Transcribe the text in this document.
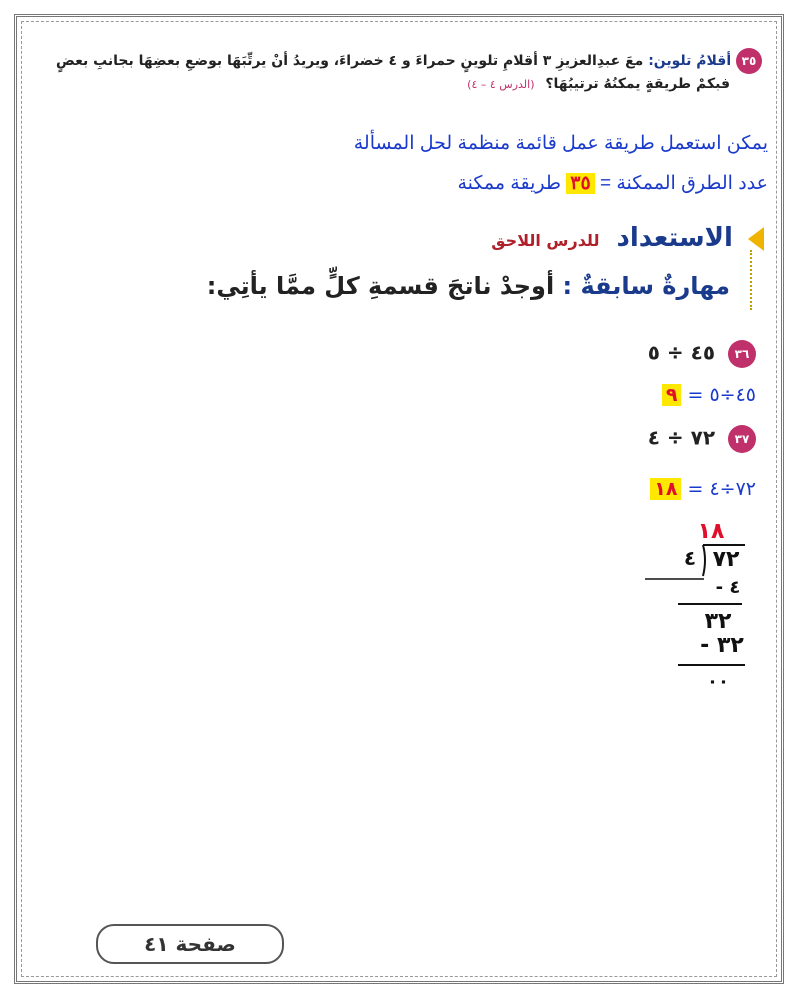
٣٥ أقلامُ تلوين: معَ عبدِالعزيزِ ٣ أقلامِ تلوينٍ حمراءَ و ٤ خضراءَ، ويريدُ أنْ يرتِّبَهَا بوضعِ بعضِهَا بجانبِ بعضٍ
فبكمْ طريقةٍ يمكنُهُ ترتيبُهَا؟ (الدرس ٤ – ٤)
يمكن استعمل طريقة عمل قائمة منظمة لحل المسألة
عدد الطرق الممكنة = ٣٥ طريقة ممكنة
الاستعداد للدرس اللاحق
مهارةٌ سابقةٌ : أوجدْ ناتجَ قسمةِ كلٍّ ممَّا يأتِي:
٣٦ ٤٥ ÷ ٥
٤٥÷٥ = ٩
٣٧ ٧٢ ÷ ٤
٧٢÷٤ = ١٨
١٨
٤ ٧٢
٤ -
٣٢
٣٢ -
٠٠
صفحة ٤١
